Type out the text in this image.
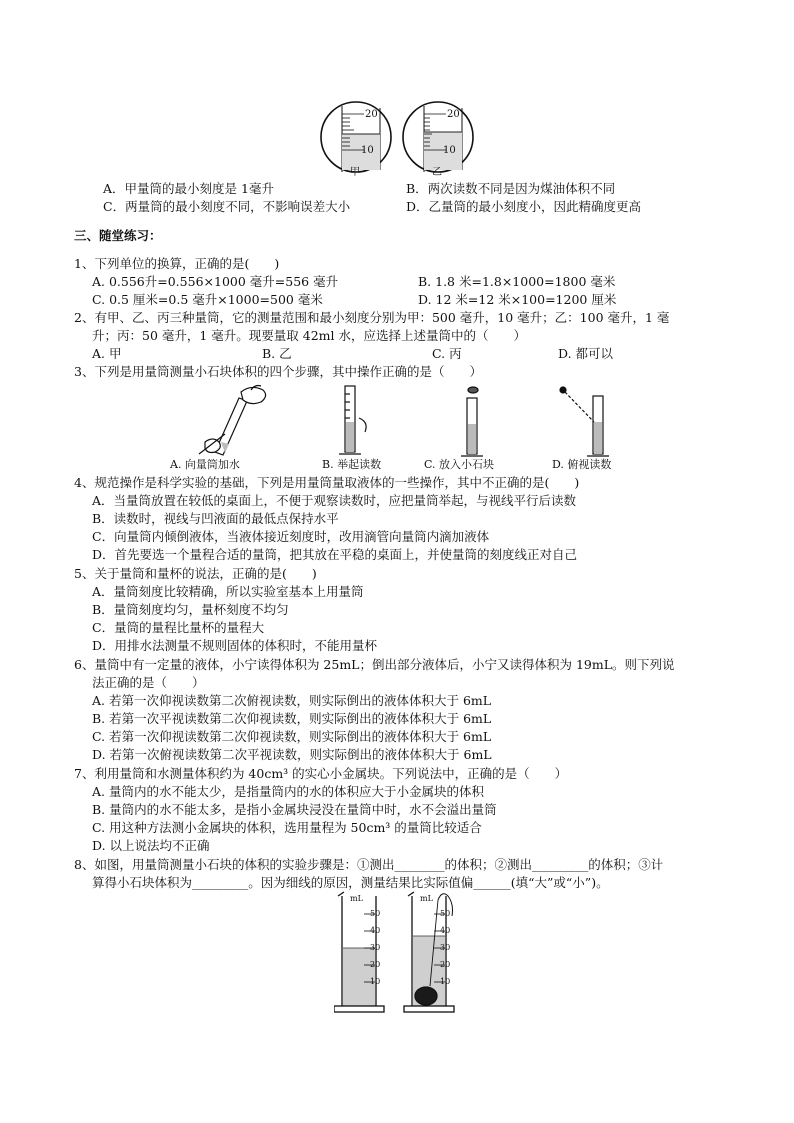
20
10
20
10
甲	乙
A．甲量筒的最小刻度是 1毫升	B．两次读数不同是因为煤油体积不同
C．两量筒的最小刻度不同，不影响误差大小	D．乙量筒的最小刻度小，因此精确度更高
三、随堂练习：
1、下列单位的换算，正确的是(　　)
A. 0.556升=0.556×1000 毫升=556 毫升	B. 1.8 米=1.8×1000=1800 毫米
C. 0.5 厘米=0.5 毫升×1000=500 毫米	D. 12 米=12 米×100=1200 厘米
2、有甲、乙、丙三种量筒，它的测量范围和最小刻度分别为甲：500 毫升，10 毫升；乙：100 毫升，1 毫
升；丙：50 毫升，1 毫升。现要量取 42ml 水，应选择上述量筒中的（　　）
A. 甲	B. 乙	C. 丙	D. 都可以
3、下列是用量筒测量小石块体积的四个步骤，其中操作正确的是（　　）
A. 向量筒加水	B. 举起读数	C. 放入小石块	D. 俯视读数
4、规范操作是科学实验的基础，下列是用量筒量取液体的一些操作，其中不正确的是(　　)
A．当量筒放置在较低的桌面上，不便于观察读数时，应把量筒举起，与视线平行后读数
B．读数时，视线与凹液面的最低点保持水平
C．向量筒内倾倒液体，当液体接近刻度时，改用滴管向量筒内滴加液体
D．首先要选一个量程合适的量筒，把其放在平稳的桌面上，并使量筒的刻度线正对自己
5、关于量筒和量杯的说法，正确的是(　　)
A．量筒刻度比较精确，所以实验室基本上用量筒
B．量筒刻度均匀，量杯刻度不均匀
C．量筒的量程比量杯的量程大
D．用排水法测量不规则固体的体积时，不能用量杯
6、量筒中有一定量的液体，小宁读得体积为 25mL；倒出部分液体后，小宁又读得体积为 19mL。则下列说
法正确的是（　　）
A. 若第一次仰视读数第二次俯视读数，则实际倒出的液体体积大于 6mL
B. 若第一次平视读数第二次仰视读数，则实际倒出的液体体积大于 6mL
C. 若第一次仰视读数第二次仰视读数，则实际倒出的液体体积大于 6mL
D. 若第一次俯视读数第二次平视读数，则实际倒出的液体体积大于 6mL
7、利用量筒和水测量体积约为 40cm³ 的实心小金属块。下列说法中，正确的是（　　）
A. 量筒内的水不能太少，是指量筒内的水的体积应大于小金属块的体积
B. 量筒内的水不能太多，是指小金属块浸没在量筒中时，水不会溢出量筒
C. 用这种方法测小金属块的体积，选用量程为 50cm³ 的量筒比较适合
D. 以上说法均不正确
8、如图，用量筒测量小石块的体积的实验步骤是：①测出________的体积；②测出_________的体积；③计
算得小石块体积为_________。因为细线的原因，测量结果比实际值偏______(填“大”或“小”)。
mL
50
40
30
20
10
mL
50
40
30
20
10
